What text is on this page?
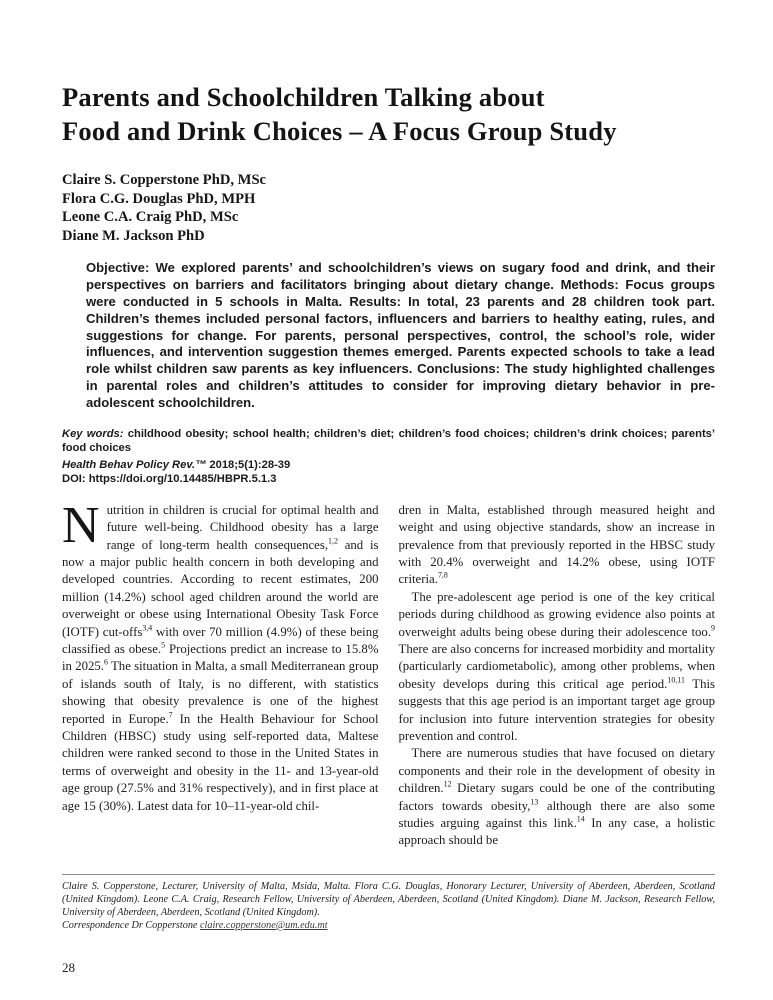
Parents and Schoolchildren Talking about
Food and Drink Choices – A Focus Group Study
Claire S. Copperstone PhD, MSc
Flora C.G. Douglas PhD, MPH
Leone C.A. Craig PhD, MSc
Diane M. Jackson PhD

Objective: We explored parents’ and schoolchildren’s views on sugary food and drink, and their perspectives on barriers and facilitators bringing about dietary change. Methods: Focus groups were conducted in 5 schools in Malta. Results: In total, 23 parents and 28 children took part. Children’s themes included personal factors, influencers and barriers to healthy eating, rules, and suggestions for change. For parents, personal perspectives, control, the school’s role, wider influences, and intervention suggestion themes emerged. Parents expected schools to take a lead role whilst children saw parents as key influencers. Conclusions: The study highlighted challenges in parental roles and children’s attitudes to consider for improving dietary behavior in pre-adolescent schoolchildren.

Key words: childhood obesity; school health; children’s diet; children’s food choices; children’s drink choices; parents’ food choices

Health Behav Policy Rev.™ 2018;5(1):28-39

DOI: https://doi.org/10.14485/HBPR.5.1.3

Nutrition in children is crucial for optimal health and future well-being. Childhood obesity has a large range of long-term health consequences,$^{1,2}$ and is now a major public health concern in both developing and developed countries. According to recent estimates, 200 million (14.2%) school aged children around the world are overweight or obese using International Obesity Task Force (IOTF) cut-offs$^{3,4}$ with over 70 million (4.9%) of these being classified as obese.$^5$ Projections predict an increase to 15.8% in 2025.$^6$ The situation in Malta, a small Mediterranean group of islands south of Italy, is no different, with statistics showing that obesity prevalence is one of the highest reported in Europe.$^7$ In the Health Behaviour for School Children (HBSC) study using self-reported data, Maltese children were ranked second to those in the United States in terms of overweight and obesity in the 11- and 13-year-old age group (27.5% and 31% respectively), and in first place at age 15 (30%). Latest data for 10–11-year-old chil-

dren in Malta, established through measured height and weight and using objective standards, show an increase in prevalence from that previously reported in the HBSC study with 20.4% overweight and 14.2% obese, using IOTF criteria.$^{7,8}$

The pre-adolescent age period is one of the key critical periods during childhood as growing evidence also points at overweight adults being obese during their adolescence too.$^9$ There are also concerns for increased morbidity and mortality (particularly cardiometabolic), among other problems, when obesity develops during this critical age period.$^{10,11}$ This suggests that this age period is an important target age group for inclusion into future intervention strategies for obesity prevention and control.

There are numerous studies that have focused on dietary components and their role in the development of obesity in children.$^{12}$ Dietary sugars could be one of the contributing factors towards obesity,$^{13}$ although there are also some studies arguing against this link.$^{14}$ In any case, a holistic approach should be

Claire S. Copperstone, Lecturer, University of Malta, Msida, Malta. Flora C.G. Douglas, Honorary Lecturer, University of Aberdeen, Aberdeen, Scotland (United Kingdom). Leone C.A. Craig, Research Fellow, University of Aberdeen, Aberdeen, Scotland (United Kingdom). Diane M. Jackson, Research Fellow, University of Aberdeen, Aberdeen, Scotland (United Kingdom).

Correspondence Dr Copperstone claire.copperstone@um.edu.mt

28
